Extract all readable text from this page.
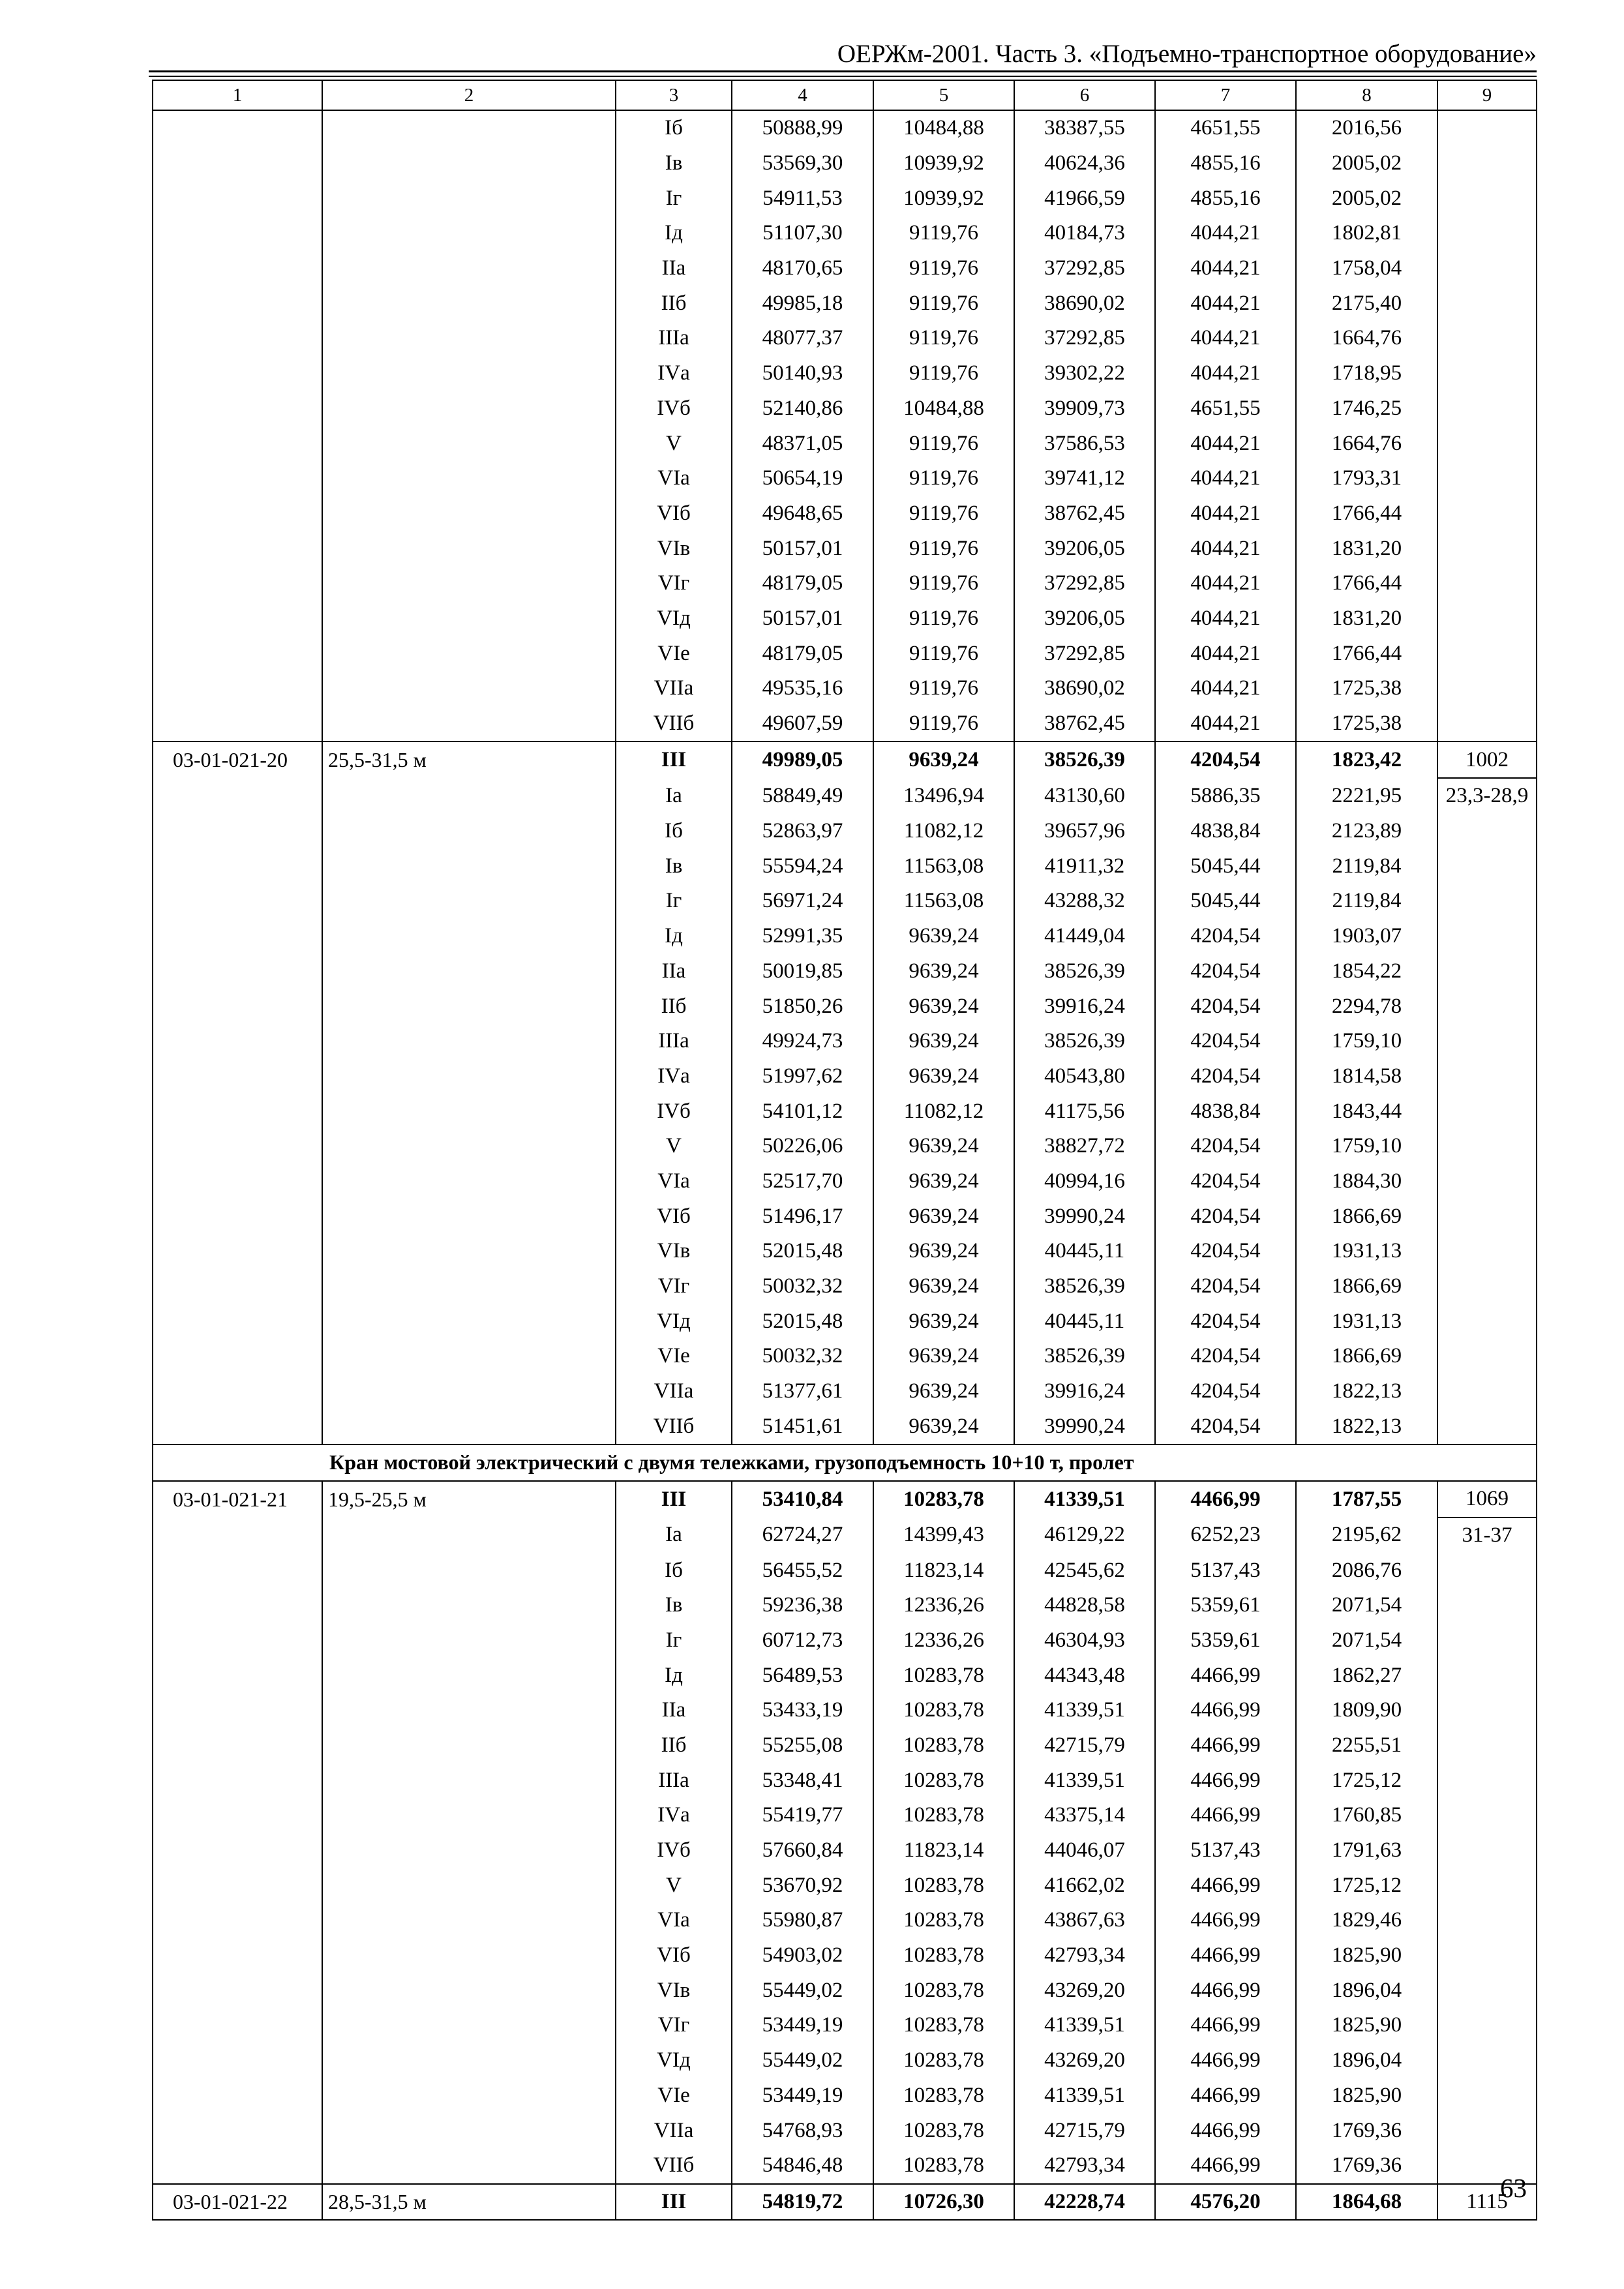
ОЕРЖм-2001. Часть 3. «Подъемно-транспортное оборудование»
1	2	3	4	5	6	7	8	9
		Iб	50888,99	10484,88	38387,55	4651,55	2016,56	
		Iв	53569,30	10939,92	40624,36	4855,16	2005,02	
		Iг	54911,53	10939,92	41966,59	4855,16	2005,02	
		Iд	51107,30	9119,76	40184,73	4044,21	1802,81	
		IIа	48170,65	9119,76	37292,85	4044,21	1758,04	
		IIб	49985,18	9119,76	38690,02	4044,21	2175,40	
		IIIа	48077,37	9119,76	37292,85	4044,21	1664,76	
		IVа	50140,93	9119,76	39302,22	4044,21	1718,95	
		IVб	52140,86	10484,88	39909,73	4651,55	1746,25	
		V	48371,05	9119,76	37586,53	4044,21	1664,76	
		VIа	50654,19	9119,76	39741,12	4044,21	1793,31	
		VIб	49648,65	9119,76	38762,45	4044,21	1766,44	
		VIв	50157,01	9119,76	39206,05	4044,21	1831,20	
		VIг	48179,05	9119,76	37292,85	4044,21	1766,44	
		VIд	50157,01	9119,76	39206,05	4044,21	1831,20	
		VIе	48179,05	9119,76	37292,85	4044,21	1766,44	
		VIIа	49535,16	9119,76	38690,02	4044,21	1725,38	
		VIIб	49607,59	9119,76	38762,45	4044,21	1725,38	
03-01-021-20	25,5-31,5 м	III	49989,05	9639,24	38526,39	4204,54	1823,42	1002
		Iа	58849,49	13496,94	43130,60	5886,35	2221,95	23,3-28,9
		Iб	52863,97	11082,12	39657,96	4838,84	2123,89	
		Iв	55594,24	11563,08	41911,32	5045,44	2119,84	
		Iг	56971,24	11563,08	43288,32	5045,44	2119,84	
		Iд	52991,35	9639,24	41449,04	4204,54	1903,07	
		IIа	50019,85	9639,24	38526,39	4204,54	1854,22	
		IIб	51850,26	9639,24	39916,24	4204,54	2294,78	
		IIIа	49924,73	9639,24	38526,39	4204,54	1759,10	
		IVа	51997,62	9639,24	40543,80	4204,54	1814,58	
		IVб	54101,12	11082,12	41175,56	4838,84	1843,44	
		V	50226,06	9639,24	38827,72	4204,54	1759,10	
		VIа	52517,70	9639,24	40994,16	4204,54	1884,30	
		VIб	51496,17	9639,24	39990,24	4204,54	1866,69	
		VIв	52015,48	9639,24	40445,11	4204,54	1931,13	
		VIг	50032,32	9639,24	38526,39	4204,54	1866,69	
		VIд	52015,48	9639,24	40445,11	4204,54	1931,13	
		VIе	50032,32	9639,24	38526,39	4204,54	1866,69	
		VIIа	51377,61	9639,24	39916,24	4204,54	1822,13	
		VIIб	51451,61	9639,24	39990,24	4204,54	1822,13	
Кран мостовой электрический с двумя тележками, грузоподъемность 10+10 т, пролет								
03-01-021-21	19,5-25,5 м	III	53410,84	10283,78	41339,51	4466,99	1787,55	1069
		Iа	62724,27	14399,43	46129,22	6252,23	2195,62	31-37
		Iб	56455,52	11823,14	42545,62	5137,43	2086,76	
		Iв	59236,38	12336,26	44828,58	5359,61	2071,54	
		Iг	60712,73	12336,26	46304,93	5359,61	2071,54	
		Iд	56489,53	10283,78	44343,48	4466,99	1862,27	
		IIа	53433,19	10283,78	41339,51	4466,99	1809,90	
		IIб	55255,08	10283,78	42715,79	4466,99	2255,51	
		IIIа	53348,41	10283,78	41339,51	4466,99	1725,12	
		IVа	55419,77	10283,78	43375,14	4466,99	1760,85	
		IVб	57660,84	11823,14	44046,07	5137,43	1791,63	
		V	53670,92	10283,78	41662,02	4466,99	1725,12	
		VIа	55980,87	10283,78	43867,63	4466,99	1829,46	
		VIб	54903,02	10283,78	42793,34	4466,99	1825,90	
		VIв	55449,02	10283,78	43269,20	4466,99	1896,04	
		VIг	53449,19	10283,78	41339,51	4466,99	1825,90	
		VIд	55449,02	10283,78	43269,20	4466,99	1896,04	
		VIе	53449,19	10283,78	41339,51	4466,99	1825,90	
		VIIа	54768,93	10283,78	42715,79	4466,99	1769,36	
		VIIб	54846,48	10283,78	42793,34	4466,99	1769,36	
03-01-021-22	28,5-31,5 м	III	54819,72	10726,30	42228,74	4576,20	1864,68	1115
63
